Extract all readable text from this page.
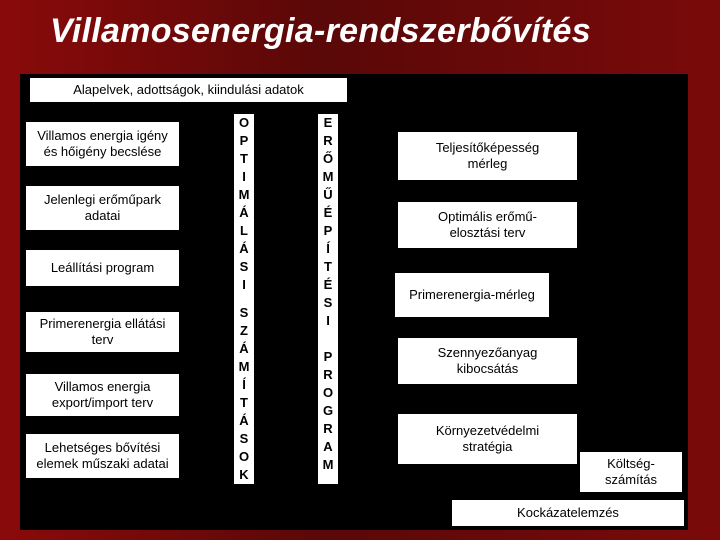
Villamosenergia-rendszerbővítés
Alapelvek, adottságok, kiindulási adatok
Villamos energia igény
és hőigény becslése
Jelenlegi erőműpark
adatai
Leállítási program
Primerenergia ellátási
terv
Villamos energia
export/import terv
Lehetséges bővítési
elemek műszaki adatai
O
P
T
I
M
Á
L
Á
S
I
S
Z
Á
M
Í
T
Á
S
O
K
E
R
Ő
M
Ű
É
P
Í
T
É
S
I
P
R
O
G
R
A
M
Teljesítőképesség
mérleg
Optimális erőmű-
elosztási terv
Primerenergia-mérleg
Szennyezőanyag
kibocsátás
Környezetvédelmi
stratégia
Költség-
számítás
Kockázatelemzés
